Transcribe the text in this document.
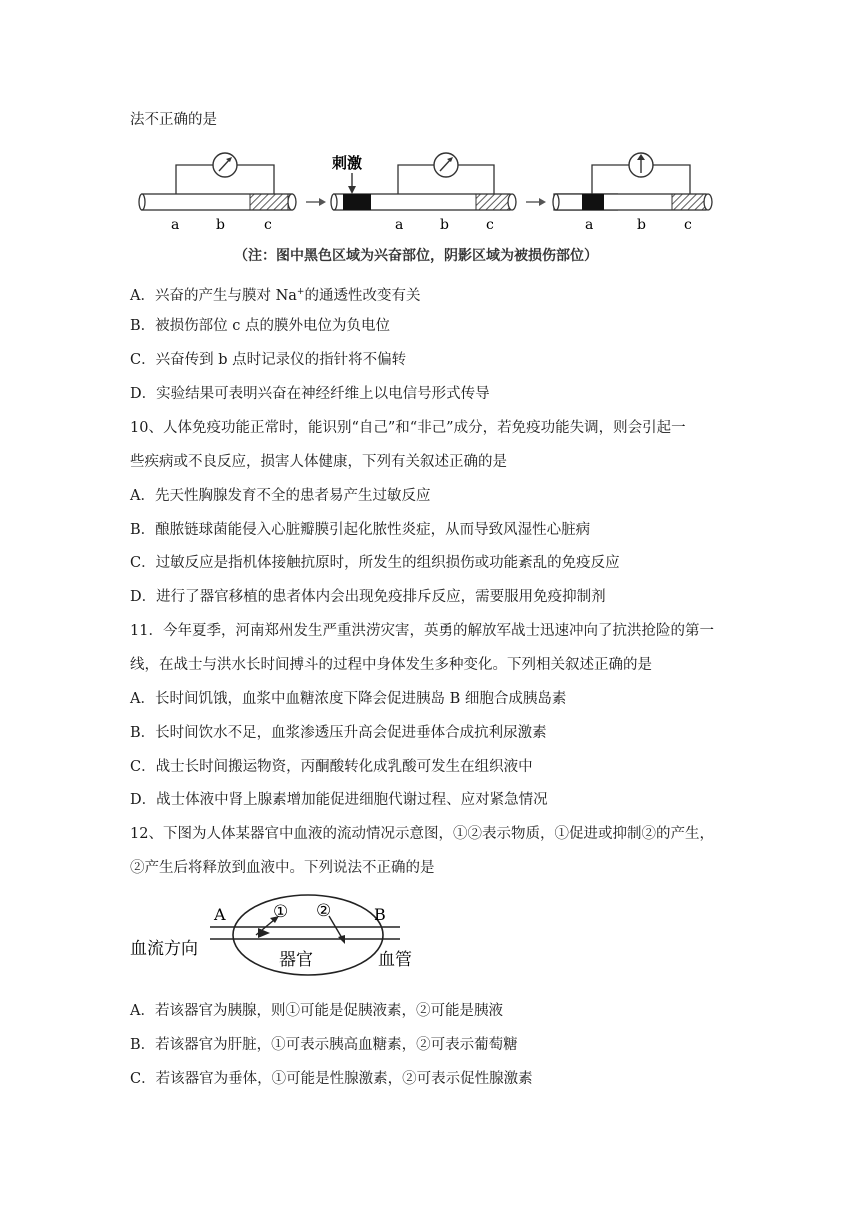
法不正确的是
a	b	c
刺激
a	b	c	a	b	c
（注：图中黑色区域为兴奋部位，阴影区域为被损伤部位）
A．兴奋的产生与膜对 Na+的通透性改变有关
B．被损伤部位 c 点的膜外电位为负电位
C．兴奋传到 b 点时记录仪的指针将不偏转
D．实验结果可表明兴奋在神经纤维上以电信号形式传导
10、人体免疫功能正常时，能识别“自己”和“非己”成分，若免疫功能失调，则会引起一
些疾病或不良反应，损害人体健康，下列有关叙述正确的是
A．先天性胸腺发育不全的患者易产生过敏反应
B．酿脓链球菌能侵入心脏瓣膜引起化脓性炎症，从而导致风湿性心脏病
C．过敏反应是指机体接触抗原时，所发生的组织损伤或功能紊乱的免疫反应
D．进行了器官移植的患者体内会出现免疫排斥反应，需要服用免疫抑制剂
11．今年夏季，河南郑州发生严重洪涝灾害，英勇的解放军战士迅速冲向了抗洪抢险的第一
线，在战士与洪水长时间搏斗的过程中身体发生多种变化。下列相关叙述正确的是
A．长时间饥饿，血浆中血糖浓度下降会促进胰岛 B 细胞合成胰岛素
B．长时间饮水不足，血浆渗透压升高会促进垂体合成抗利尿激素
C．战士长时间搬运物资，丙酮酸转化成乳酸可发生在组织液中
D．战士体液中肾上腺素增加能促进细胞代谢过程、应对紧急情况
12、下图为人体某器官中血液的流动情况示意图，①②表示物质，①促进或抑制②的产生，
②产生后将释放到血液中。下列说法不正确的是
A	B
① ②
血流方向
器官	血管
A．若该器官为胰腺，则①可能是促胰液素，②可能是胰液
B．若该器官为肝脏，①可表示胰高血糖素，②可表示葡萄糖
C．若该器官为垂体，①可能是性腺激素，②可表示促性腺激素
